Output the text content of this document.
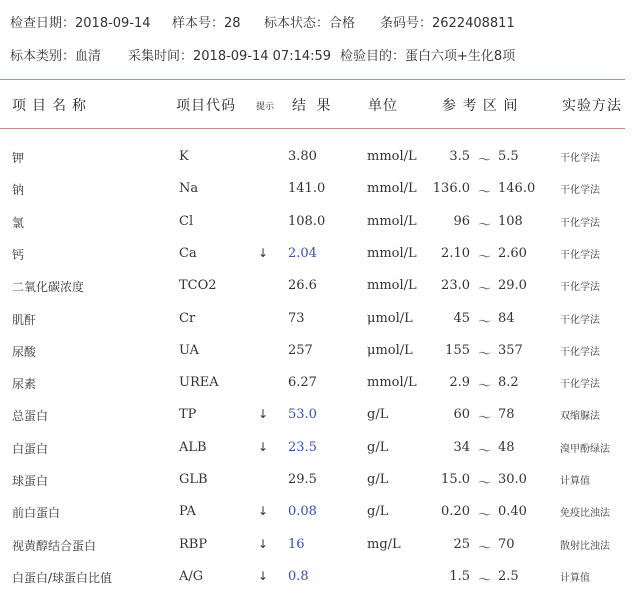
检查日期：2018-09-14 样本号：28 标本状态：合格 条码号：2622408811
标本类别：血清 采集时间：2018-09-14 07:14:59 检验目的：蛋白六项+生化8项
项目名称	项目代码 提示 结 果 单位	参 考 区 间	实验方法
钾	K	3.80	mmol/L	3.5 ～ 5.5	干化学法
钠	Na	141.0	mmol/L	136.0 ～ 146.0 干化学法
氯	Cl	108.0	mmol/L	96 ～ 108	干化学法
钙	Ca	↓ 2.04	mmol/L	2.10 ～ 2.60	干化学法
二氧化碳浓度	TCO2	26.6	mmol/L	23.0 ～ 29.0	干化学法
肌酐	Cr	73	μmol/L	45 ～ 84	干化学法
尿酸	UA	257	μmol/L	155 ～ 357	干化学法
尿素	UREA	6.27	mmol/L	2.9 ～ 8.2	干化学法
总蛋白	TP	↓ 53.0	g/L	60 ～ 78	双缩脲法
白蛋白	ALB	↓ 23.5	g/L	34 ～ 48	溴甲酚绿法
球蛋白	GLB	29.5	g/L	15.0 ～ 30.0	计算值
前白蛋白	PA	↓ 0.08	g/L	0.20 ～ 0.40	免疫比浊法
视黄醇结合蛋白	RBP	↓ 16	mg/L	25 ～ 70	散射比浊法
白蛋白/球蛋白比值	A/G	↓ 0.8	1.5 ～ 2.5	计算值
